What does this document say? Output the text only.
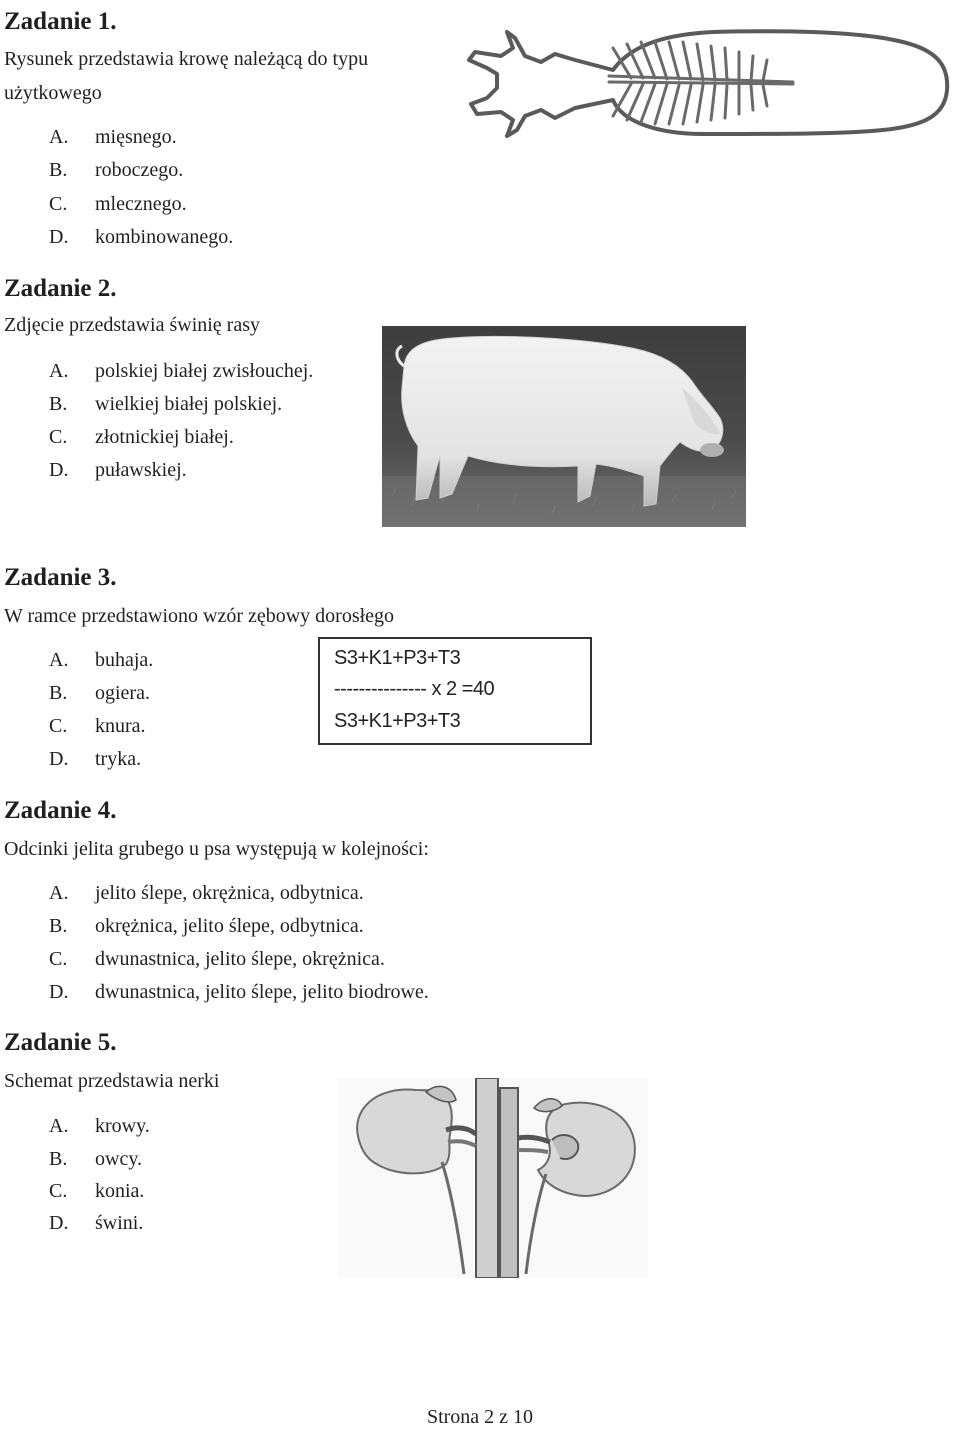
Zadanie 1.
Rysunek przedstawia krowę należącą do typu
użytkowego
A. mięsnego.
B. roboczego.
C. mlecznego.
D. kombinowanego.
Zadanie 2.
Zdjęcie przedstawia świnię rasy
A. polskiej białej zwisłouchej.
B. wielkiej białej polskiej.
C. złotnickiej białej.
D. puławskiej.
Zadanie 3.
W ramce przedstawiono wzór zębowy dorosłego
A. buhaja.
B. ogiera.
C. knura.
D. tryka.
S3+K1+P3+T3
--------------- x 2 =40
S3+K1+P3+T3
Zadanie 4.
Odcinki jelita grubego u psa występują w kolejności:
A. jelito ślepe, okrężnica, odbytnica.
B. okrężnica, jelito ślepe, odbytnica.
C. dwunastnica, jelito ślepe, okrężnica.
D. dwunastnica, jelito ślepe, jelito biodrowe.
Zadanie 5.
Schemat przedstawia nerki
A. krowy.
B. owcy.
C. konia.
D. świni.
Strona 2 z 10
